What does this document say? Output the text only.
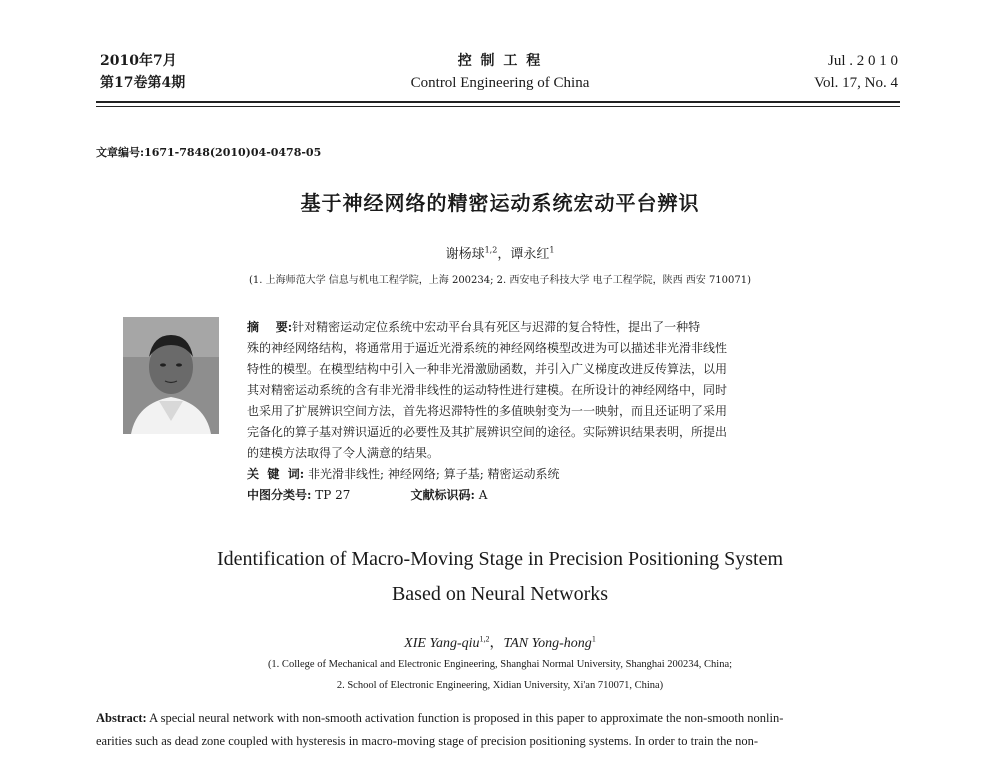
2010年7月
第17卷第4期
控 制 工 程
Control Engineering of China
Jul . 2 0 1 0
Vol. 17, No. 4
文章编号:1671-7848(2010)04-0478-05
基于神经网络的精密运动系统宏动平台辨识
谢杨球$^{1,2}$，谭永红$^1$
(1. 上海师范大学 信息与机电工程学院，上海 200234; 2. 西安电子科技大学 电子工程学院，陕西 西安 710071)
摘    要:针对精密运动定位系统中宏动平台具有死区与迟滞的复合特性，提出了一种特
殊的神经网络结构，将通常用于逼近光滑系统的神经网络模型改进为可以描述非光滑非线性
特性的模型。在模型结构中引入一种非光滑激励函数，并引入广义梯度改进反传算法，以用
其对精密运动系统的含有非光滑非线性的运动特性进行建模。在所设计的神经网络中，同时
也采用了扩展辨识空间方法，首先将迟滞特性的多值映射变为一一映射，而且还证明了采用
完备化的算子基对辨识逼近的必要性及其扩展辨识空间的途径。实际辨识结果表明，所提出
的建模方法取得了令人满意的结果。
关  键  词: 非光滑非线性; 神经网络; 算子基; 精密运动系统
中图分类号: TP 27	文献标识码: A
Identification of Macro-Moving Stage in Precision Positioning System
Based on Neural Networks
XIE Yang-qiu$^{1,2}$，TAN Yong-hong$^1$
(1. College of Mechanical and Electronic Engineering, Shanghai Normal University, Shanghai 200234, China;
2. School of Electronic Engineering, Xidian University, Xi'an 710071, China)
Abstract: A special neural network with non-smooth activation function is proposed in this paper to approximate the non-smooth nonlin-
earities such as dead zone coupled with hysteresis in macro-moving stage of precision positioning systems. In order to train the non-
